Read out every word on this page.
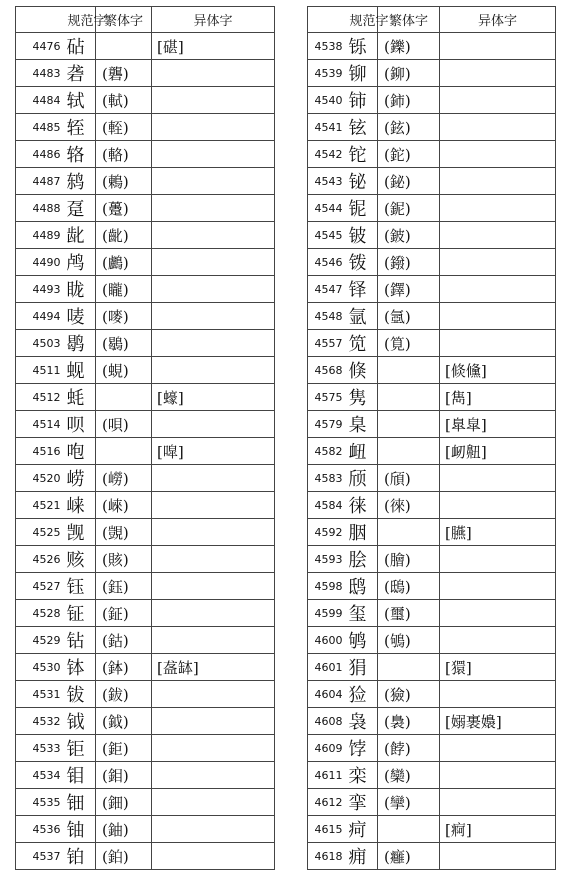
	规范字	繁体字	异体字
4476	砧		[碪]
4483	砻	(礱)	
4484	轼	(軾)	
4485	轾	(輊)	
4486	辂	(輅)	
4487	鸫	(鶇)	
4488	趸	(躉)	
4489	龀	(齔)	
4490	鸬	(鸕)	
4493	眬	(矓)	
4494	唛	(嘜)	
4503	鹖	(鶡)	
4511	蚬	(蜆)	
4512	蚝		[蠔]
4514	呗	(唄)	
4516	咆		[噑]
4520	崂	(嶗)	
4521	崃	(崍)	
4525	觊	(覬)	
4526	赅	(賅)	
4527	钰	(鈺)	
4528	钲	(鉦)	
4529	钻	(鈷)	
4530	钵	(鉢)	[盋缽]
4531	钹	(鈸)	
4532	钺	(鉞)	
4533	钜	(鉅)	
4534	钼	(鉬)	
4535	钿	(鈿)	
4536	铀	(鈾)	
4537	铂	(鉑)	
	规范字	繁体字	异体字
4538	铄	(鑠)	
4539	铆	(鉚)	
4540	铈	(鈰)	
4541	铉	(鉉)	
4542	铊	(鉈)	
4543	铋	(鉍)	
4544	铌	(鈮)	
4545	铍	(鈹)	
4546	䥽	(鏺)	
4547	铎	(鐸)	
4548	氩	(氬)	
4557	笕	(筧)	
4568	倏		[倐儵]
4575	隽		[雋]
4579	臬		[臯皐]
4582	衄		[衂䶊]
4583	颀	(頎)	
4584	徕	(徠)	
4592	胭		[臙]
4593	脍	(膾)	
4598	鸱	(鴟)	
4599	玺	(璽)	
4600	鸲	(鴝)	
4601	狷		[獧]
4604	猃	(獫)	
4608	袅	(裊)	[嫋裹嬝]
4609	饽	(餑)	
4611	栾	(欒)	
4612	挛	(攣)	
4615	疴		[痾]
4618	痈	(癰)	
